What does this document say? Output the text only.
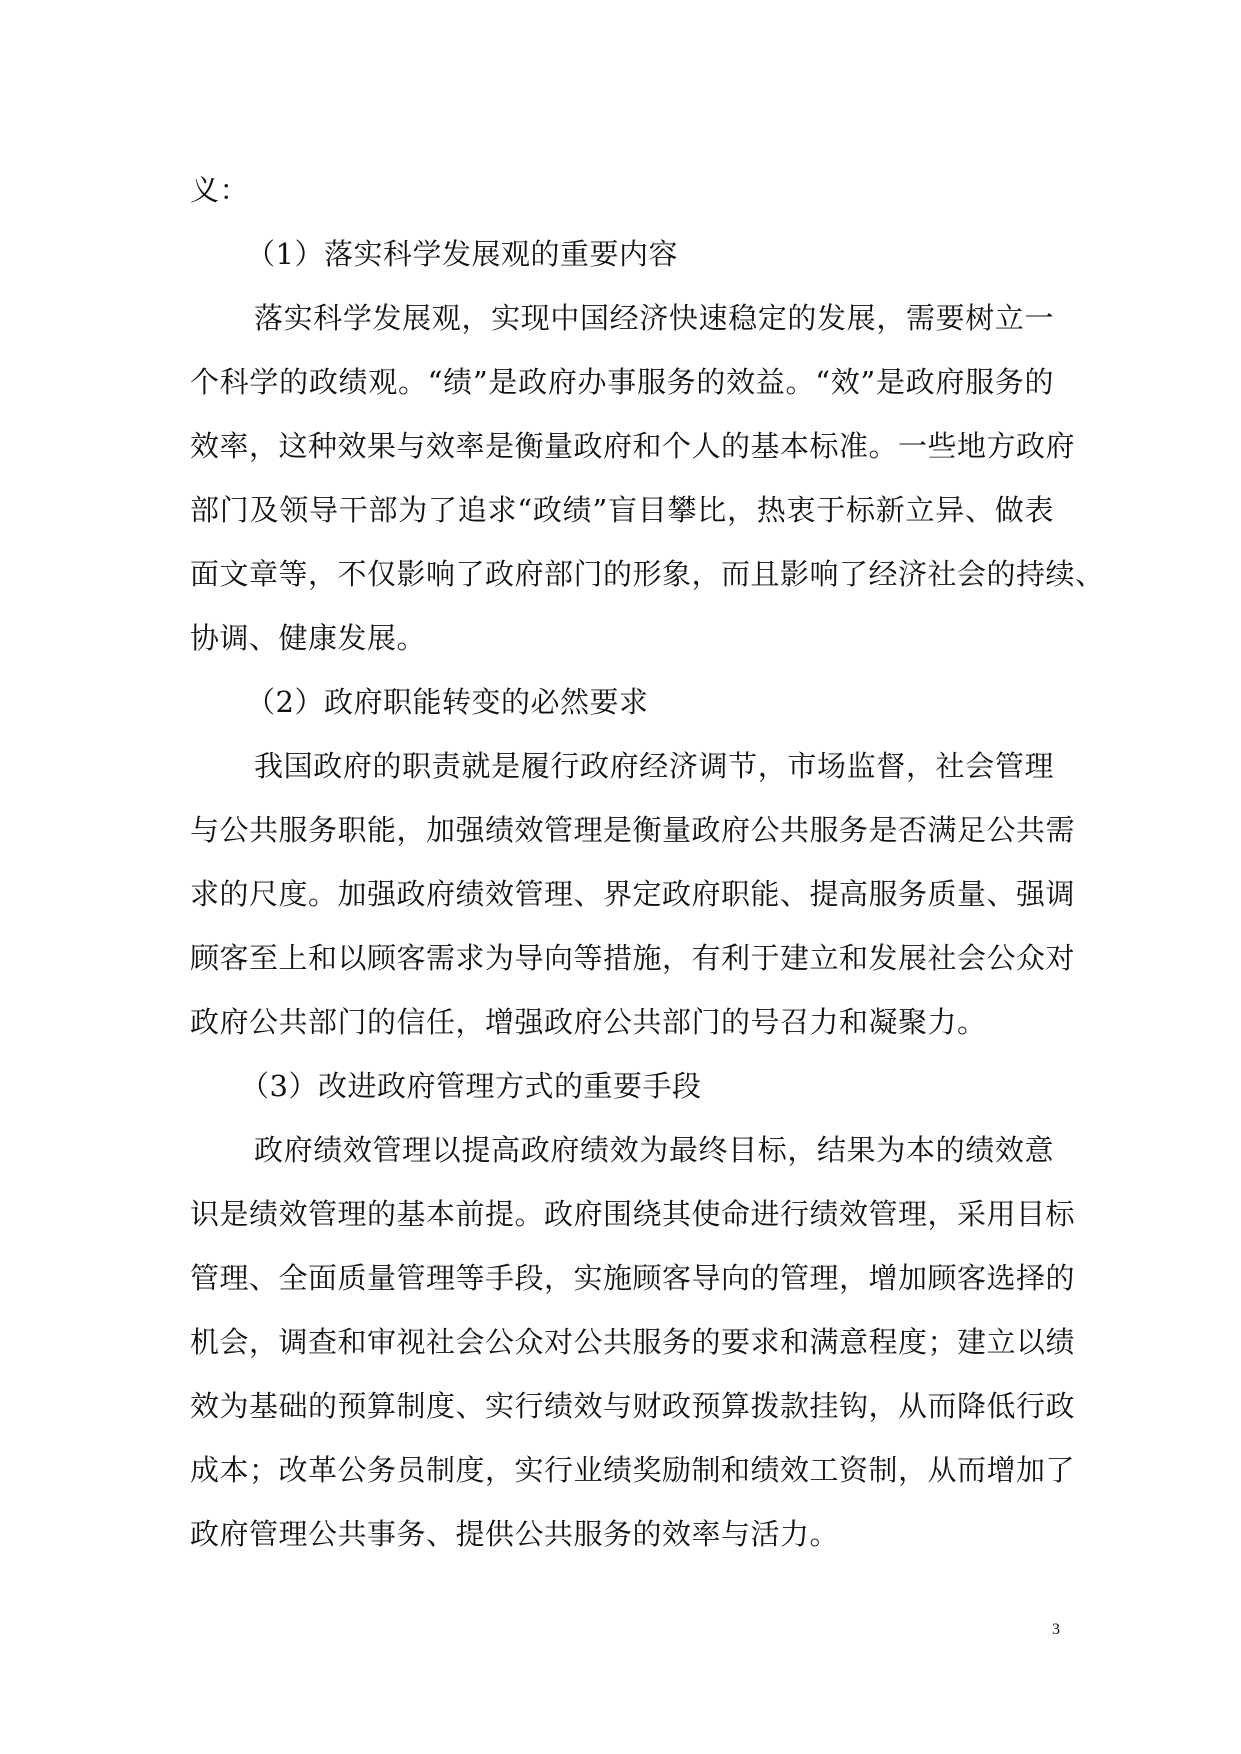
义：
（1）落实科学发展观的重要内容
落实科学发展观，实现中国经济快速稳定的发展，需要树立一
个科学的政绩观。“绩”是政府办事服务的效益。“效”是政府服务的
效率，这种效果与效率是衡量政府和个人的基本标准。一些地方政府
部门及领导干部为了追求“政绩”盲目攀比，热衷于标新立异、做表
面文章等，不仅影响了政府部门的形象，而且影响了经济社会的持续、
协调、健康发展。
（2）政府职能转变的必然要求
我国政府的职责就是履行政府经济调节，市场监督，社会管理
与公共服务职能，加强绩效管理是衡量政府公共服务是否满足公共需
求的尺度。加强政府绩效管理、界定政府职能、提高服务质量、强调
顾客至上和以顾客需求为导向等措施，有利于建立和发展社会公众对
政府公共部门的信任，增强政府公共部门的号召力和凝聚力。
（3）改进政府管理方式的重要手段
政府绩效管理以提高政府绩效为最终目标，结果为本的绩效意
识是绩效管理的基本前提。政府围绕其使命进行绩效管理，采用目标
管理、全面质量管理等手段，实施顾客导向的管理，增加顾客选择的
机会，调查和审视社会公众对公共服务的要求和满意程度；建立以绩
效为基础的预算制度、实行绩效与财政预算拨款挂钩，从而降低行政
成本；改革公务员制度，实行业绩奖励制和绩效工资制，从而增加了
政府管理公共事务、提供公共服务的效率与活力。
3
